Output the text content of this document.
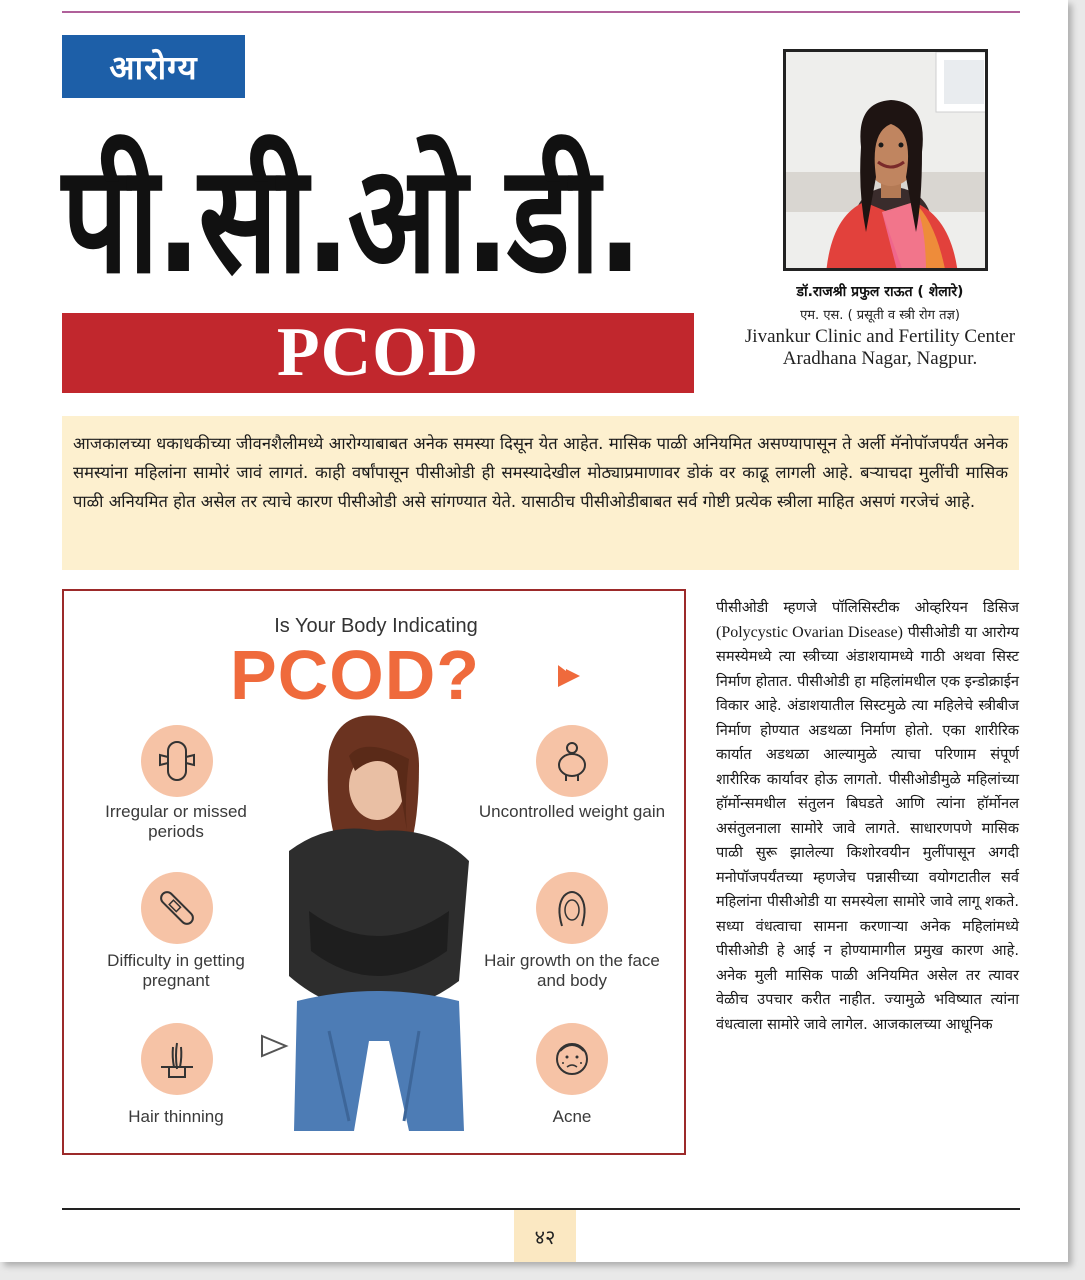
आरोग्य
पी.सी.ओ.डी.
PCOD
डॉ.राजश्री प्रफुल राऊत ( शेलारे)
एम. एस. ( प्रसूती व स्त्री रोग तज्ञ)
Jivankur Clinic and Fertility Center
Aradhana Nagar, Nagpur.
आजकालच्या धकाधकीच्या जीवनशैलीमध्ये आरोग्याबाबत अनेक समस्या दिसून येत आहेत. मासिक पाळी अनियमित असण्यापासून ते अर्ली मॅनोपॉजपर्यंत अनेक समस्यांना महिलांना सामोरं जावं लागतं. काही वर्षांपासून पीसीओडी ही समस्यादेखील मोठ्याप्रमाणावर डोकं वर काढू लागली आहे. बऱ्याचदा मुलींची मासिक पाळी अनियमित होत असेल तर त्याचे कारण पीसीओडी असे सांगण्यात येते. यासाठीच पीसीओडीबाबत सर्व गोष्टी प्रत्येक स्त्रीला माहित असणं गरजेचं आहे.
Is Your Body Indicating
PCOD?
Irregular or missed periods
Difficulty in getting pregnant
Hair thinning
Uncontrolled weight gain
Hair growth on the face and body
Acne
पीसीओडी म्हणजे पॉलिसिस्टीक ओव्हरियन डिसिज (Polycystic Ovarian Disease) पीसीओडी या आरोग्य समस्येमध्ये त्या स्त्रीच्या अंडाशयामध्ये गाठी अथवा सिस्ट निर्माण होतात. पीसीओडी हा महिलांमधील एक इन्डोक्राईन विकार आहे. अंडाशयातील सिस्टमुळे त्या महिलेचे स्त्रीबीज निर्माण होण्यात अडथळा निर्माण होतो. एका शारीरिक कार्यात अडथळा आल्यामुळे त्याचा परिणाम संपूर्ण शारीरिक कार्यावर होऊ लागतो. पीसीओडीमुळे महिलांच्या हॉर्मोन्समधील संतुलन बिघडते आणि त्यांना हॉर्मोनल असंतुलनाला सामोरे जावे लागते. साधारणपणे मासिक पाळी सुरू झालेल्या किशोरवयीन मुलींपासून अगदी मनोपॉजपर्यंतच्या म्हणजेच पन्नासीच्या वयोगटातील सर्व महिलांना पीसीओडी या समस्येला सामोरे जावे लागू शकते. सध्या वंधत्वाचा सामना करणाऱ्या अनेक महिलांमध्ये पीसीओडी हे आई न होण्यामागील प्रमुख कारण आहे. अनेक मुली मासिक पाळी अनियमित असेल तर त्यावर वेळीच उपचार करीत नाहीत. ज्यामुळे भविष्यात त्यांना वंधत्वाला सामोरे जावे लागेल. आजकालच्या आधूनिक
४२
